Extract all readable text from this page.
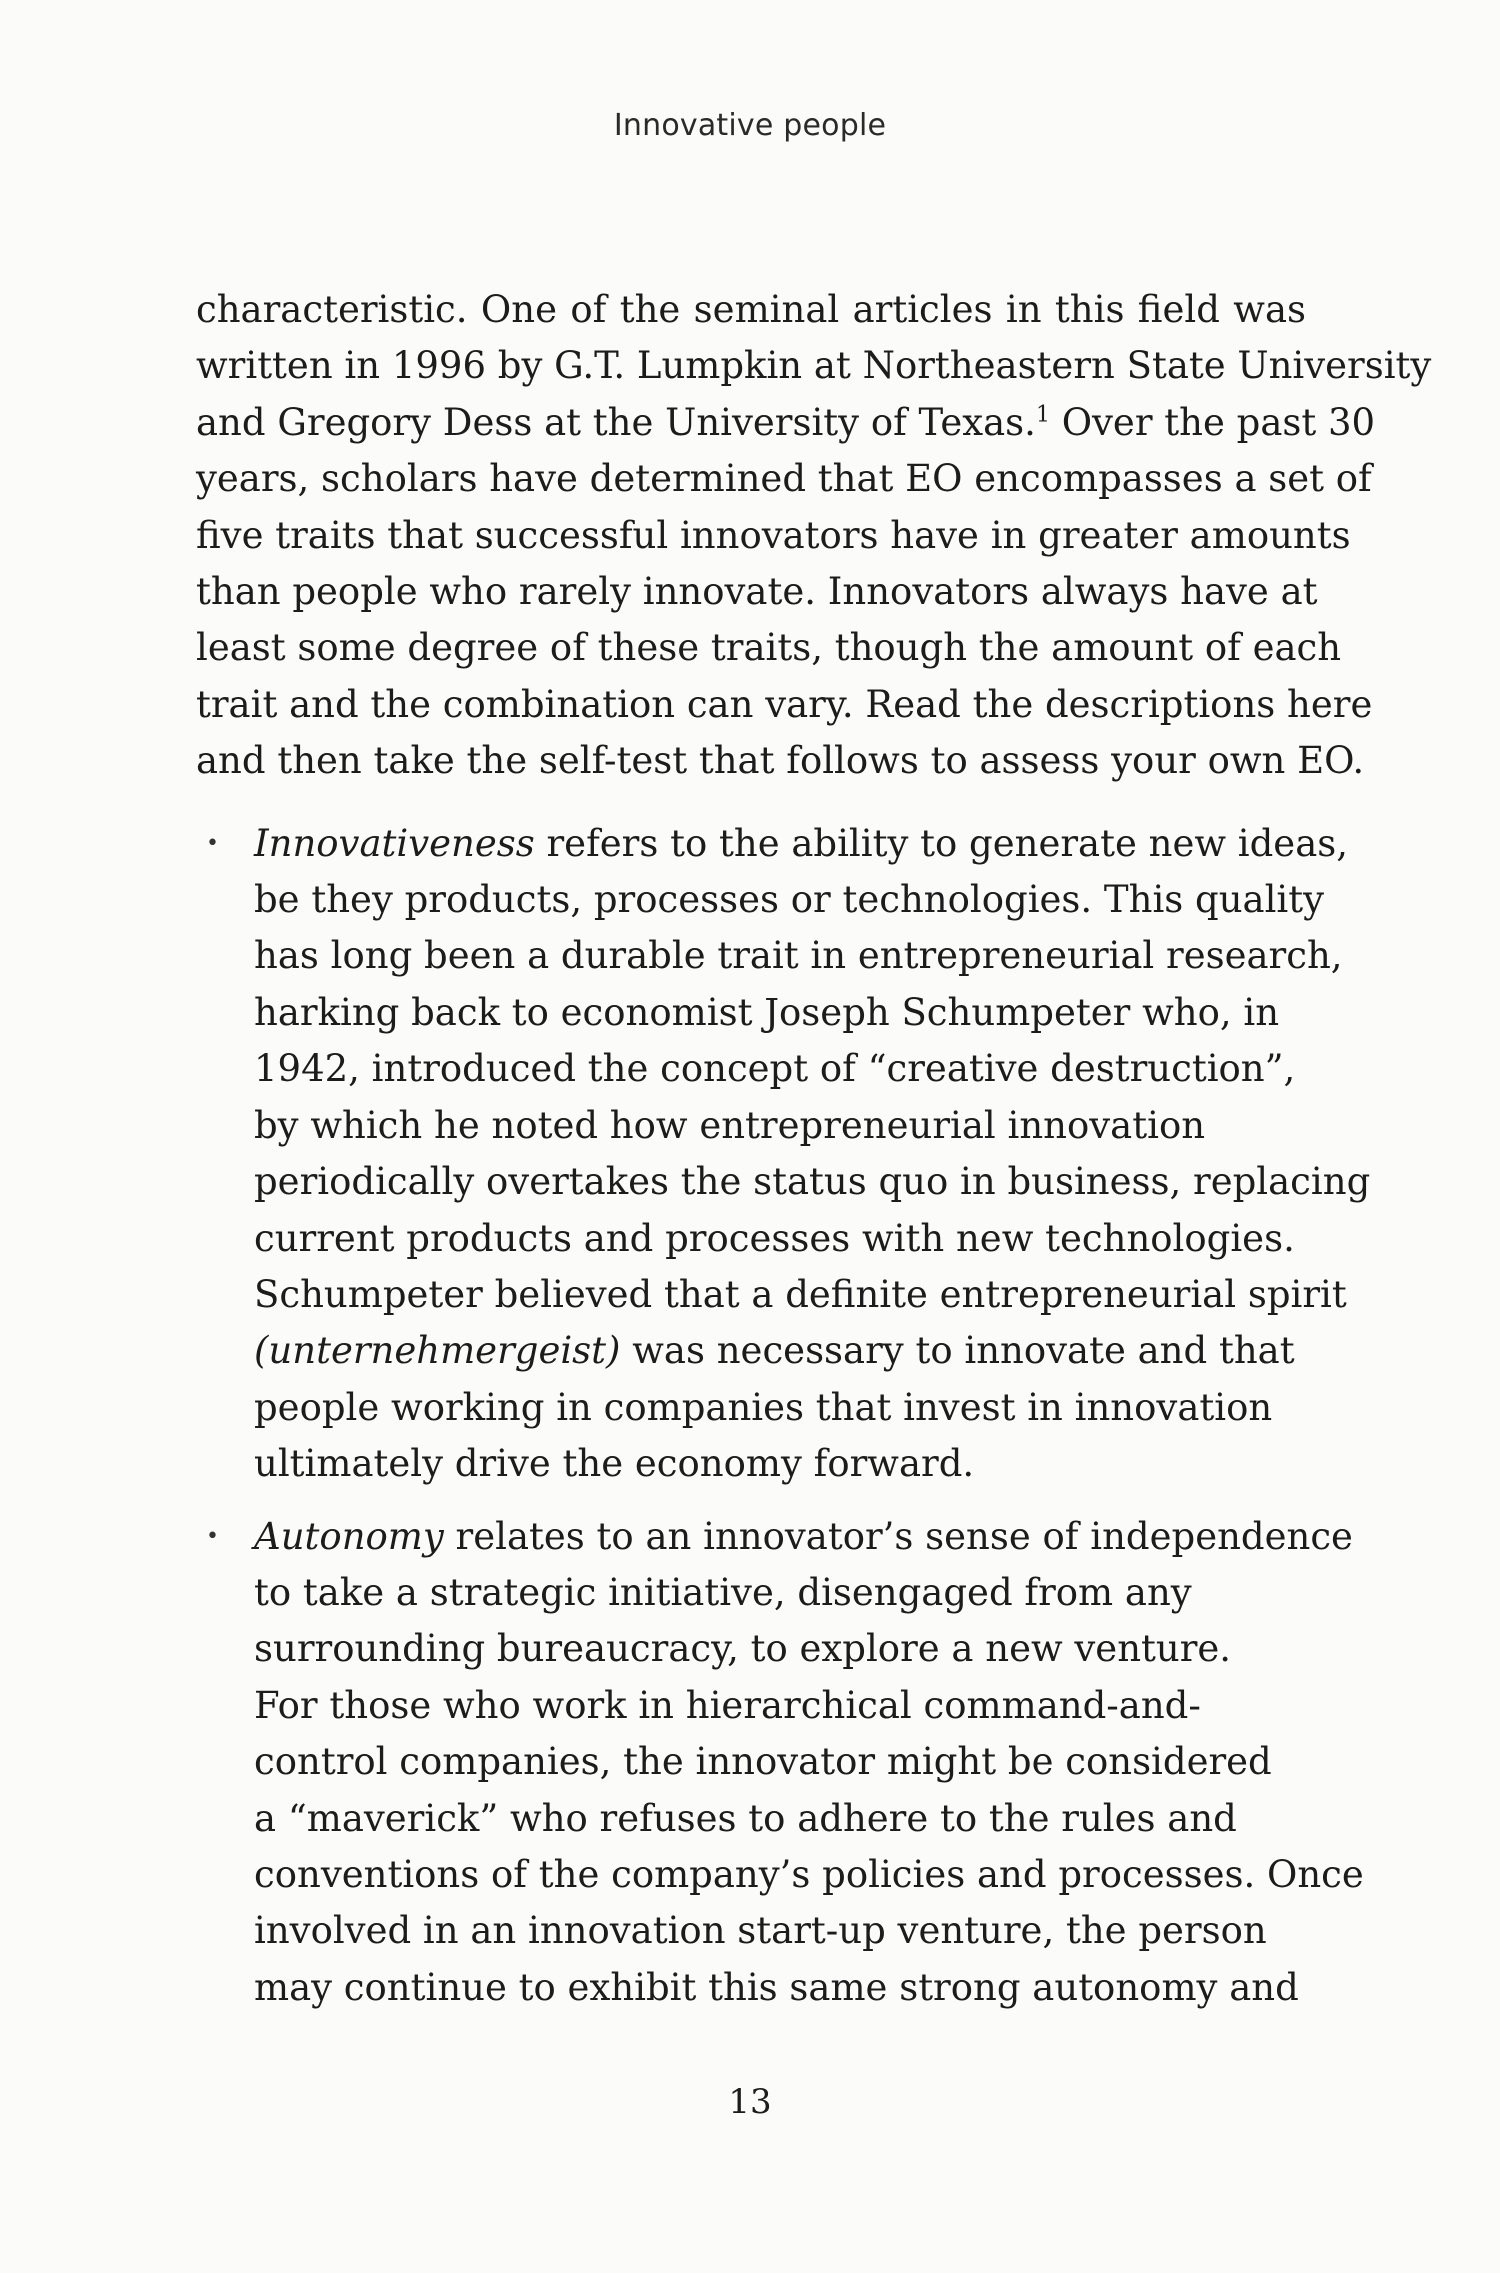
Innovative people

characteristic. One of the seminal articles in this field was
written in 1996 by G.T. Lumpkin at Northeastern State University
and Gregory Dess at the University of Texas.$^1$ Over the past 30
years, scholars have determined that EO encompasses a set of
five traits that successful innovators have in greater amounts
than people who rarely innovate. Innovators always have at
least some degree of these traits, though the amount of each
trait and the combination can vary. Read the descriptions here
and then take the self-test that follows to assess your own EO.

• Innovativeness refers to the ability to generate new ideas,
be they products, processes or technologies. This quality
has long been a durable trait in entrepreneurial research,
harking back to economist Joseph Schumpeter who, in
1942, introduced the concept of “creative destruction”,
by which he noted how entrepreneurial innovation
periodically overtakes the status quo in business, replacing
current products and processes with new technologies.
Schumpeter believed that a definite entrepreneurial spirit
(unternehmergeist) was necessary to innovate and that
people working in companies that invest in innovation
ultimately drive the economy forward.
• Autonomy relates to an innovator’s sense of independence
to take a strategic initiative, disengaged from any
surrounding bureaucracy, to explore a new venture.
For those who work in hierarchical command-and-
control companies, the innovator might be considered
a “maverick” who refuses to adhere to the rules and
conventions of the company’s policies and processes. Once
involved in an innovation start-up venture, the person
may continue to exhibit this same strong autonomy and
13
